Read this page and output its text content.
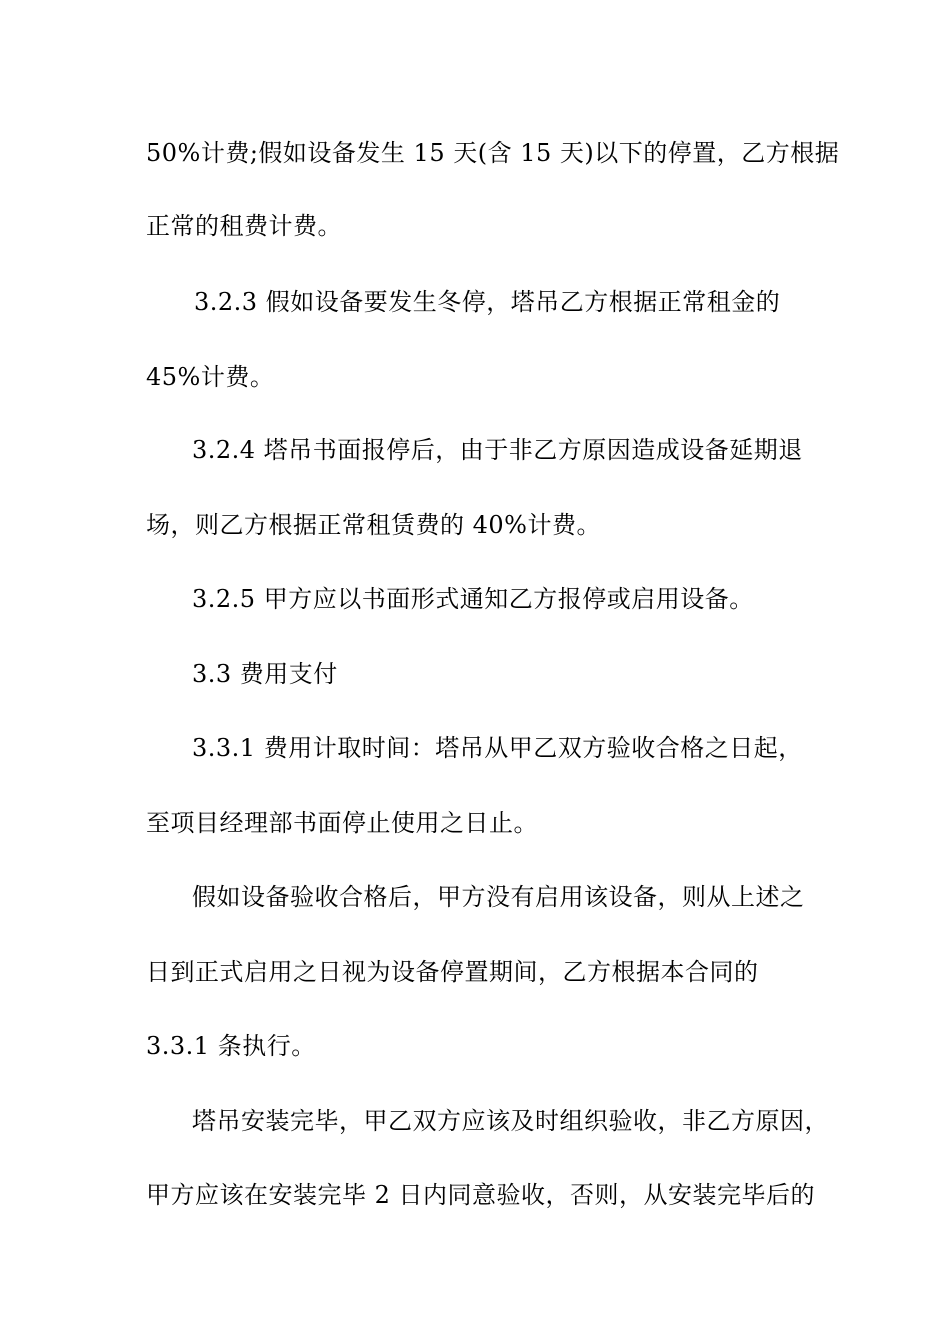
50%计费;假如设备发生 15 天(含 15 天)以下的停置，乙方根据
正常的租费计费。
3.2.3 假如设备要发生冬停，塔吊乙方根据正常租金的
45%计费。
3.2.4 塔吊书面报停后，由于非乙方原因造成设备延期退
场，则乙方根据正常租赁费的 40%计费。
3.2.5 甲方应以书面形式通知乙方报停或启用设备。
3.3 费用支付
3.3.1 费用计取时间：塔吊从甲乙双方验收合格之日起，
至项目经理部书面停止使用之日止。
假如设备验收合格后，甲方没有启用该设备，则从上述之
日到正式启用之日视为设备停置期间，乙方根据本合同的
3.3.1 条执行。
塔吊安装完毕，甲乙双方应该及时组织验收，非乙方原因，
甲方应该在安装完毕 2 日内同意验收，否则，从安装完毕后的
